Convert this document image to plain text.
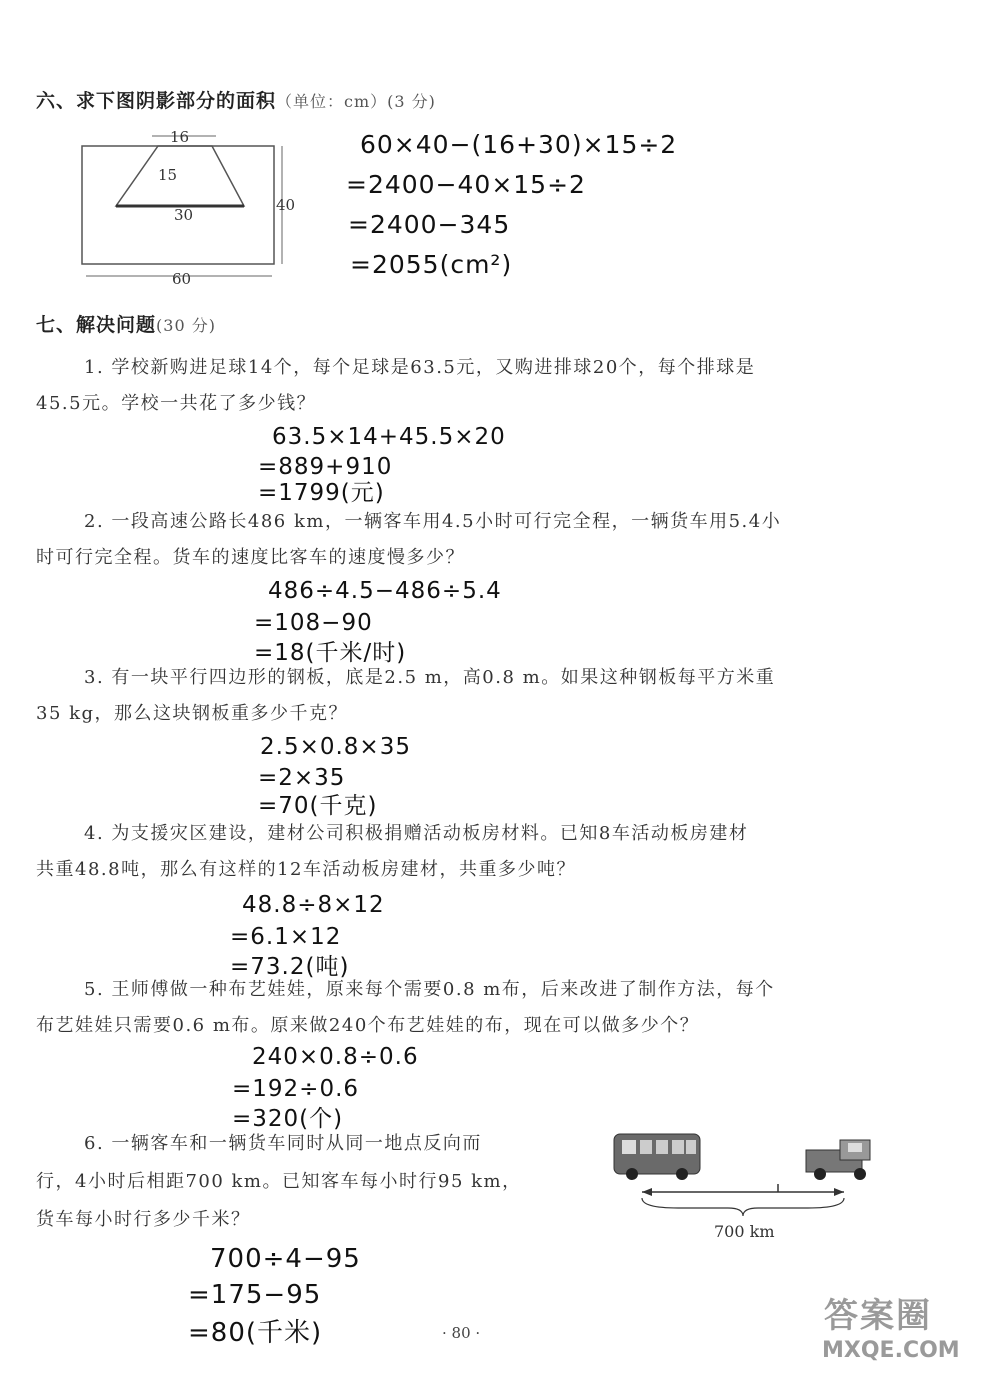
六、求下图阴影部分的面积（单位：cm）(3 分)
16
15
30
40
60
60×40−(16+30)×15÷2
=2400−40×15÷2
=2400−345
=2055(cm²)
七、解决问题(30 分)
1. 学校新购进足球14个，每个足球是63.5元，又购进排球20个，每个排球是
45.5元。学校一共花了多少钱？
63.5×14+45.5×20
=889+910
=1799(元)
2. 一段高速公路长486 km，一辆客车用4.5小时可行完全程，一辆货车用5.4小
时可行完全程。货车的速度比客车的速度慢多少？
486÷4.5−486÷5.4
=108−90
=18(千米/时)
3. 有一块平行四边形的钢板，底是2.5 m，高0.8 m。如果这种钢板每平方米重
35 kg，那么这块钢板重多少千克？
2.5×0.8×35
=2×35
=70(千克)
4. 为支援灾区建设，建材公司积极捐赠活动板房材料。已知8车活动板房建材
共重48.8吨，那么有这样的12车活动板房建材，共重多少吨？
48.8÷8×12
=6.1×12
=73.2(吨)
5. 王师傅做一种布艺娃娃，原来每个需要0.8 m布，后来改进了制作方法，每个
布艺娃娃只需要0.6 m布。原来做240个布艺娃娃的布，现在可以做多少个？
240×0.8÷0.6
=192÷0.6
=320(个)
6. 一辆客车和一辆货车同时从同一地点反向而
行，4小时后相距700 km。已知客车每小时行95 km，
货车每小时行多少千米？
700 km
700÷4−95
=175−95
=80(千米)	· 80 ·	答案圈
MXQE.COM
